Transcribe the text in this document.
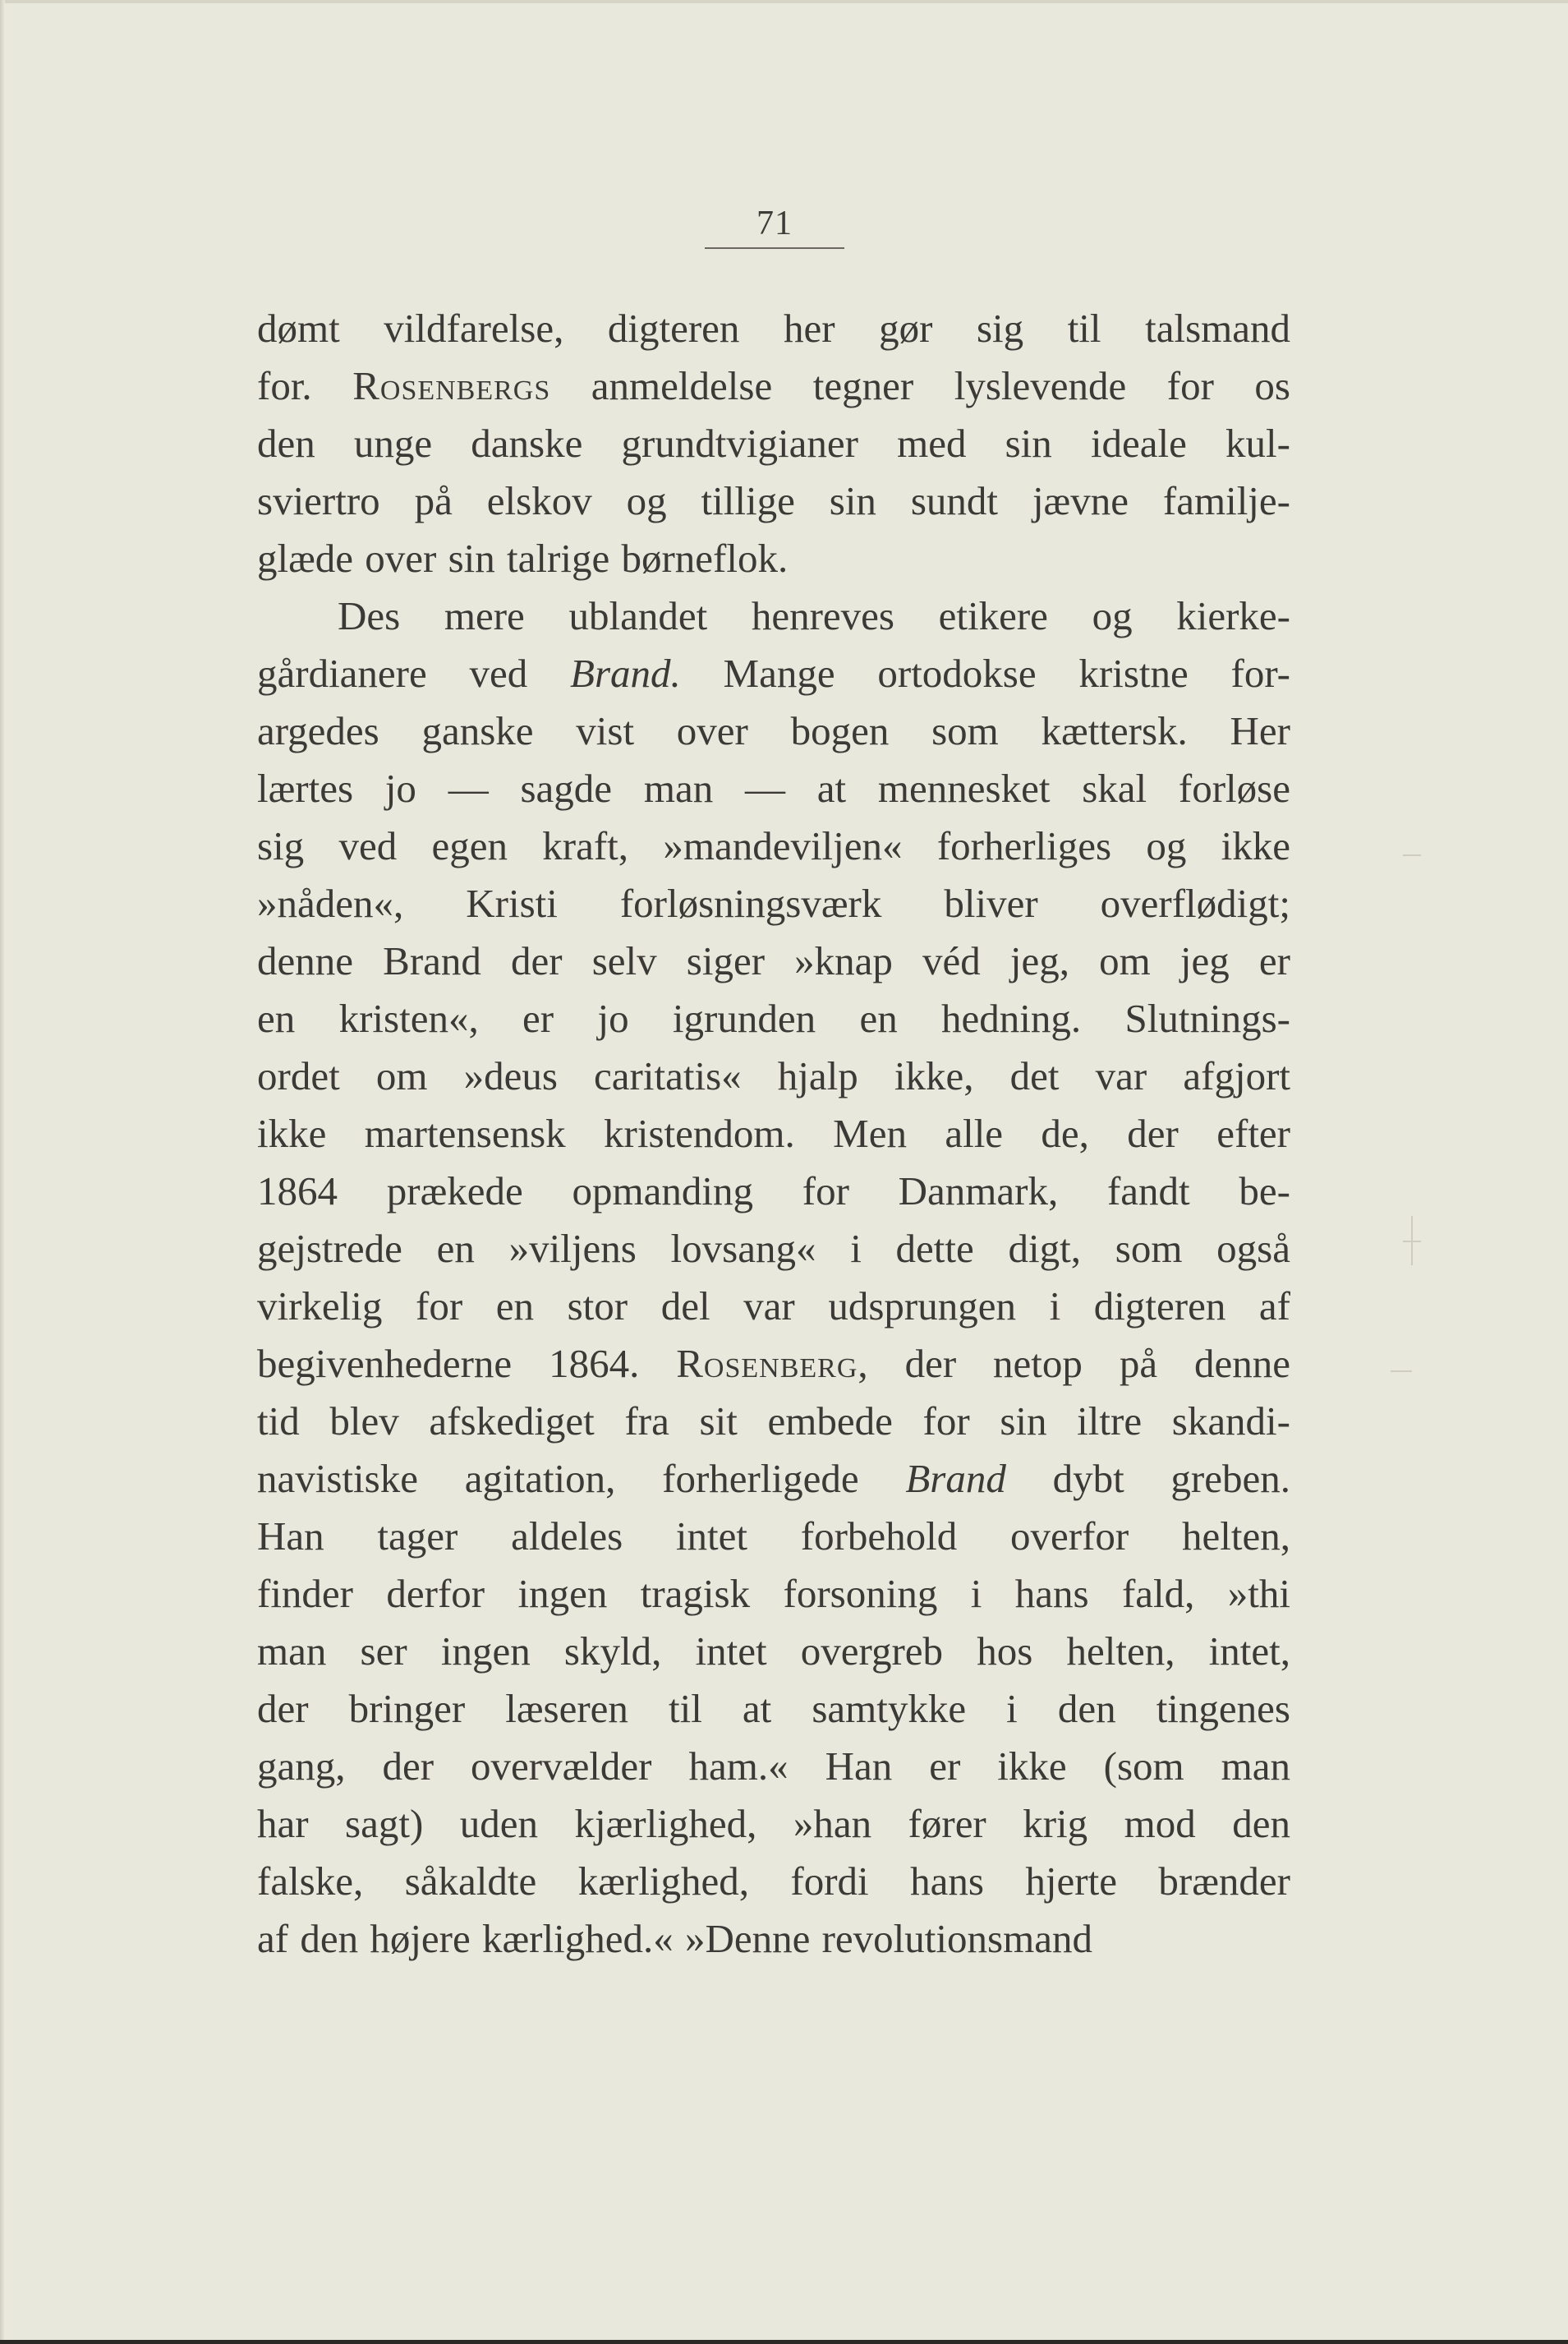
71
dømt vildfarelse, digteren her gør sig til talsmand
for. Rosenbergs anmeldelse tegner lyslevende for os
den unge danske grundtvigianer med sin ideale kul-
sviertro på elskov og tillige sin sundt jævne familje-
glæde over sin talrige børneflok.
Des mere ublandet henreves etikere og kierke-
gårdianere ved Brand. Mange ortodokse kristne for-
argedes ganske vist over bogen som kættersk. Her
lærtes jo — sagde man — at mennesket skal forløse
sig ved egen kraft, »mandeviljen« forherliges og ikke
»nåden«, Kristi forløsningsværk bliver overflødigt;
denne Brand der selv siger »knap véd jeg, om jeg er
en kristen«, er jo igrunden en hedning. Slutnings-
ordet om »deus caritatis« hjalp ikke, det var afgjort
ikke martensensk kristendom. Men alle de, der efter
1864 prækede opmanding for Danmark, fandt be-
gejstrede en »viljens lovsang« i dette digt, som også
virkelig for en stor del var udsprungen i digteren af
begivenhederne 1864. Rosenberg, der netop på denne
tid blev afskediget fra sit embede for sin iltre skandi-
navistiske agitation, forherligede Brand dybt greben.
Han tager aldeles intet forbehold overfor helten,
finder derfor ingen tragisk forsoning i hans fald, »thi
man ser ingen skyld, intet overgreb hos helten, intet,
der bringer læseren til at samtykke i den tingenes
gang, der overvælder ham.« Han er ikke (som man
har sagt) uden kjærlighed, »han fører krig mod den
falske, såkaldte kærlighed, fordi hans hjerte brænder
af den højere kærlighed.« »Denne revolutionsmand
